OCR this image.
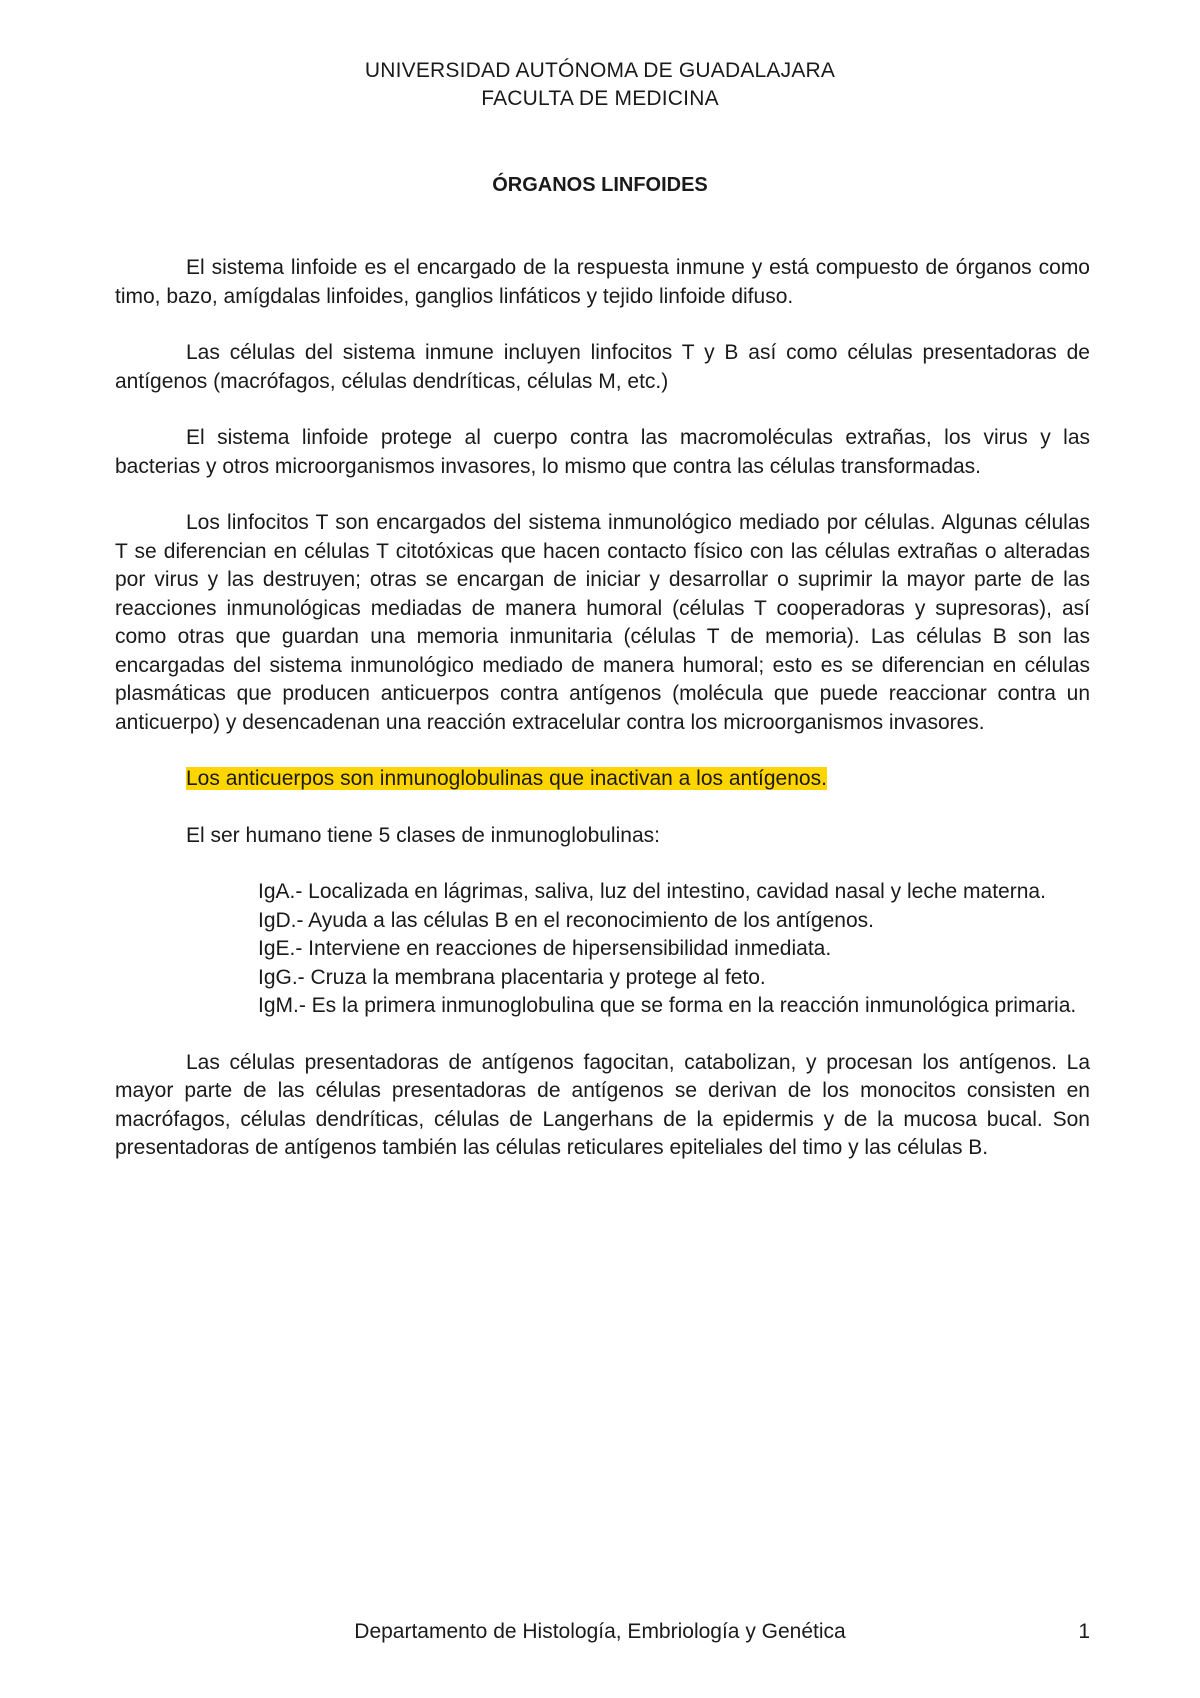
UNIVERSIDAD AUTÓNOMA DE GUADALAJARA
FACULTA DE MEDICINA
ÓRGANOS LINFOIDES

El sistema linfoide es el encargado de la respuesta inmune y está compuesto de órganos como timo, bazo, amígdalas linfoides, ganglios linfáticos y tejido linfoide difuso.

Las células del sistema inmune incluyen linfocitos T y B así como células presentadoras de antígenos (macrófagos, células dendríticas, células M, etc.)

El sistema linfoide protege al cuerpo contra las macromoléculas extrañas, los virus y las bacterias y otros microorganismos invasores, lo mismo que contra las células transformadas.

Los linfocitos T son encargados del sistema inmunológico mediado por células. Algunas células T se diferencian en células T citotóxicas que hacen contacto físico con las células extrañas o alteradas por virus y las destruyen; otras se encargan de iniciar y desarrollar o suprimir la mayor parte de las reacciones inmunológicas mediadas de manera humoral (células T cooperadoras y supresoras), así como otras que guardan una memoria inmunitaria (células T de memoria). Las células B son las encargadas del sistema inmunológico mediado de manera humoral; esto es se diferencian en células plasmáticas que producen anticuerpos contra antígenos (molécula que puede reaccionar contra un anticuerpo) y desencadenan una reacción extracelular contra los microorganismos invasores.

Los anticuerpos son inmunoglobulinas que inactivan a los antígenos.

El ser humano tiene 5 clases de inmunoglobulinas:

IgA.- Localizada en lágrimas, saliva, luz del intestino, cavidad nasal y leche materna.
IgD.- Ayuda a las células B en el reconocimiento de los antígenos.
IgE.- Interviene en reacciones de hipersensibilidad inmediata.
IgG.- Cruza la membrana placentaria y protege al feto.
IgM.- Es la primera inmunoglobulina que se forma en la reacción inmunológica primaria.

Las células presentadoras de antígenos fagocitan, catabolizan, y procesan los antígenos. La mayor parte de las células presentadoras de antígenos se derivan de los monocitos consisten en macrófagos, células dendríticas, células de Langerhans de la epidermis y de la mucosa bucal. Son presentadoras de antígenos también las células reticulares epiteliales del timo y las células B.

Departamento de Histología, Embriología y Genética	1
